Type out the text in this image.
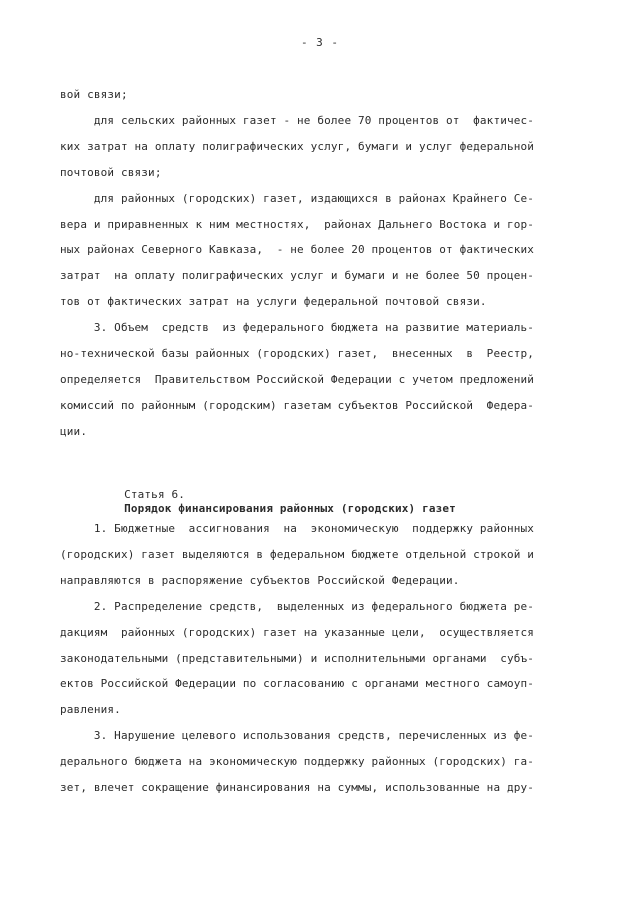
- 3 -
вой связи;
для сельских районных газет - не более 70 процентов от  фактичес-
ких затрат на оплату полиграфических услуг, бумаги и услуг федеральной
почтовой связи;
для районных (городских) газет, издающихся в районах Крайнего Се-
вера и приравненных к ним местностях,  районах Дальнего Востока и гор-
ных районах Северного Кавказа,  - не более 20 процентов от фактических
затрат  на оплату полиграфических услуг и бумаги и не более 50 процен-
тов от фактических затрат на услуги федеральной почтовой связи.
3. Объем  средств  из федерального бюджета на развитие материаль-
но-технической базы районных (городских) газет,  внесенных  в  Реестр,
определяется  Правительством Российской Федерации с учетом предложений
комиссий по районным (городским) газетам субъектов Российской  Федера-
ции.

Статья 6.
Порядок финансирования районных (городских) газет

1. Бюджетные  ассигнования  на  экономическую  поддержку районных
(городских) газет выделяются в федеральном бюджете отдельной строкой и
направляются в распоряжение субъектов Российской Федерации.
2. Распределение средств,  выделенных из федерального бюджета ре-
дакциям  районных (городских) газет на указанные цели,  осуществляется
законодательными (представительными) и исполнительными органами  субъ-
ектов Российской Федерации по согласованию с органами местного самоуп-
равления.
3. Нарушение целевого использования средств, перечисленных из фе-
дерального бюджета на экономическую поддержку районных (городских) га-
зет, влечет сокращение финансирования на суммы, использованные на дру-
